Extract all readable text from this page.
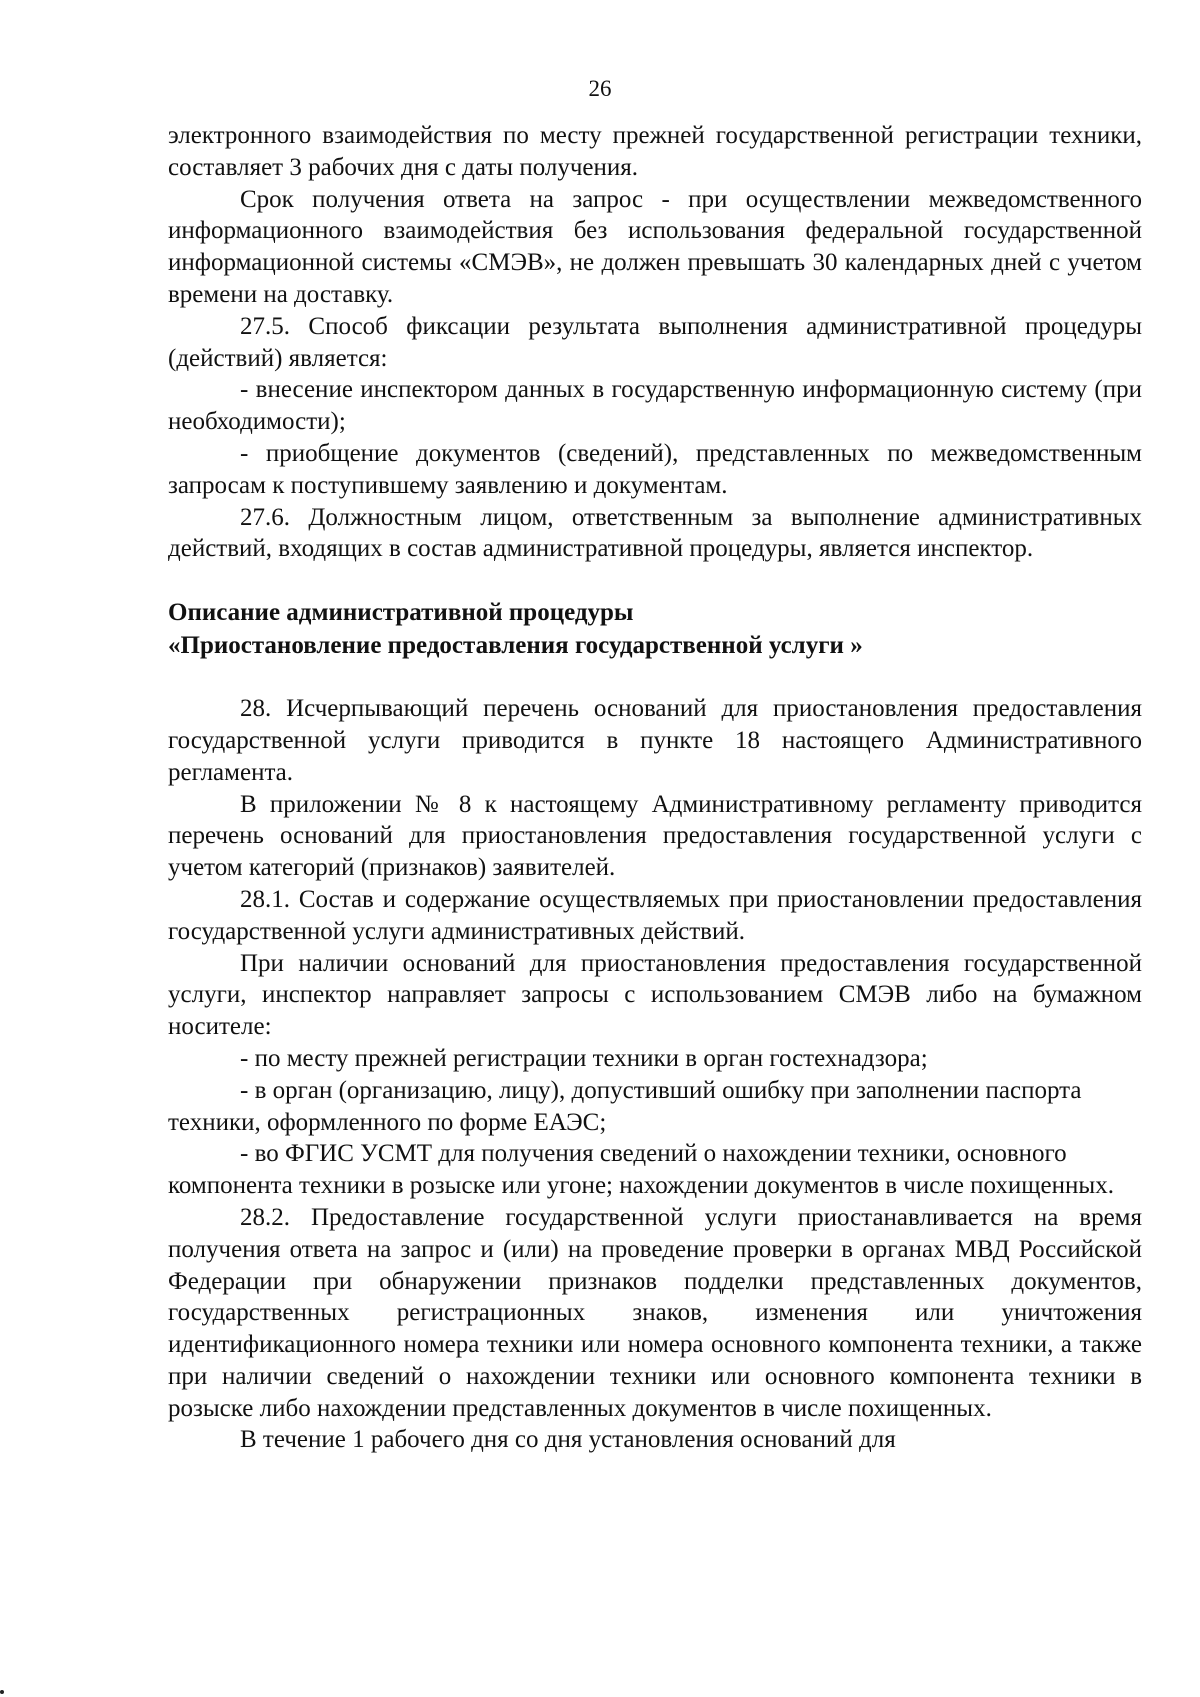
26

электронного взаимодействия по месту прежней государственной регистрации техники, составляет 3 рабочих дня с даты получения.

Срок получения ответа на запрос - при осуществлении межведомственного информационного взаимодействия без использования федеральной государственной информационной системы «СМЭВ», не должен превышать 30 календарных дней с учетом времени на доставку.

27.5. Способ фиксации результата выполнения административной процедуры (действий) является:

- внесение инспектором данных в государственную информационную систему (при необходимости);

- приобщение документов (сведений), представленных по межведомственным запросам к поступившему заявлению и документам.

27.6. Должностным лицом, ответственным за выполнение административных действий, входящих в состав административной процедуры, является инспектор.

Описание административной процедуры

«Приостановление предоставления государственной услуги »

28. Исчерпывающий перечень оснований для приостановления предоставления государственной услуги приводится в пункте 18 настоящего Административного регламента.

В приложении № 8 к настоящему Административному регламенту приводится перечень оснований для приостановления предоставления государственной услуги с учетом категорий (признаков) заявителей.

28.1. Состав и содержание осуществляемых при приостановлении предоставления государственной услуги административных действий.

При наличии оснований для приостановления предоставления государственной услуги, инспектор направляет запросы с использованием СМЭВ либо на бумажном носителе:

- по месту прежней регистрации техники в орган гостехнадзора;

- в орган (организацию, лицу), допустивший ошибку при заполнении паспорта техники, оформленного по форме ЕАЭС;

- во ФГИС УСМТ для получения сведений о нахождении техники, основного компонента техники в розыске или угоне; нахождении документов в числе похищенных.

28.2. Предоставление государственной услуги приостанавливается на время получения ответа на запрос и (или) на проведение проверки в органах МВД Российской Федерации при обнаружении признаков подделки представленных документов, государственных регистрационных знаков, изменения или уничтожения идентификационного номера техники или номера основного компонента техники, а также при наличии сведений о нахождении техники или основного компонента техники в розыске либо нахождении представленных документов в числе похищенных.

В течение 1 рабочего дня со дня установления оснований для
